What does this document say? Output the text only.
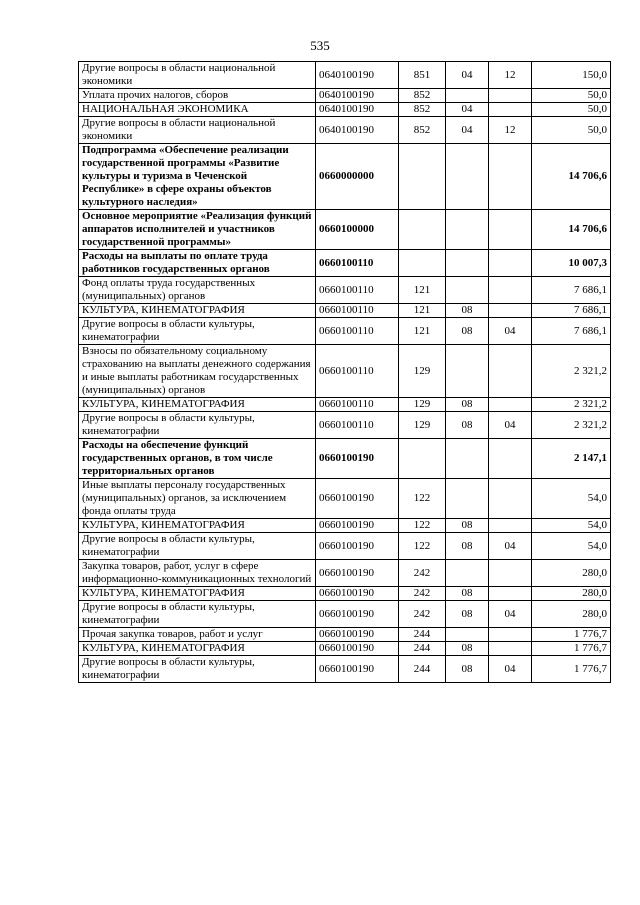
535
Другие вопросы в области национальной экономики	0640100190	851	04	12	150,0
Уплата прочих налогов, сборов	0640100190	852			50,0
НАЦИОНАЛЬНАЯ ЭКОНОМИКА	0640100190	852	04		50,0
Другие вопросы в области национальной экономики	0640100190	852	04	12	50,0
Подпрограмма «Обеспечение реализации государственной программы «Развитие культуры и туризма в Чеченской Республике» в сфере охраны объектов культурного наследия»	0660000000				14 706,6
Основное мероприятие «Реализация функций аппаратов исполнителей и участников государственной программы»	0660100000				14 706,6
Расходы на выплаты по оплате труда работников государственных органов	0660100110				10 007,3
Фонд оплаты труда государственных (муниципальных) органов	0660100110	121			7 686,1
КУЛЬТУРА, КИНЕМАТОГРАФИЯ	0660100110	121	08		7 686,1
Другие вопросы в области культуры, кинематографии	0660100110	121	08	04	7 686,1
Взносы по обязательному социальному страхованию на выплаты денежного содержания и иные выплаты работникам государственных (муниципальных) органов	0660100110	129			2 321,2
КУЛЬТУРА, КИНЕМАТОГРАФИЯ	0660100110	129	08		2 321,2
Другие вопросы в области культуры, кинематографии	0660100110	129	08	04	2 321,2
Расходы на обеспечение функций государственных органов, в том числе территориальных органов	0660100190				2 147,1
Иные выплаты персоналу государственных (муниципальных) органов, за исключением фонда оплаты труда	0660100190	122			54,0
КУЛЬТУРА, КИНЕМАТОГРАФИЯ	0660100190	122	08		54,0
Другие вопросы в области культуры, кинематографии	0660100190	122	08	04	54,0
Закупка товаров, работ, услуг в сфере информационно-коммуникационных технологий	0660100190	242			280,0
КУЛЬТУРА, КИНЕМАТОГРАФИЯ	0660100190	242	08		280,0
Другие вопросы в области культуры, кинематографии	0660100190	242	08	04	280,0
Прочая закупка товаров, работ и услуг	0660100190	244			1 776,7
КУЛЬТУРА, КИНЕМАТОГРАФИЯ	0660100190	244	08		1 776,7
Другие вопросы в области культуры, кинематографии	0660100190	244	08	04	1 776,7
